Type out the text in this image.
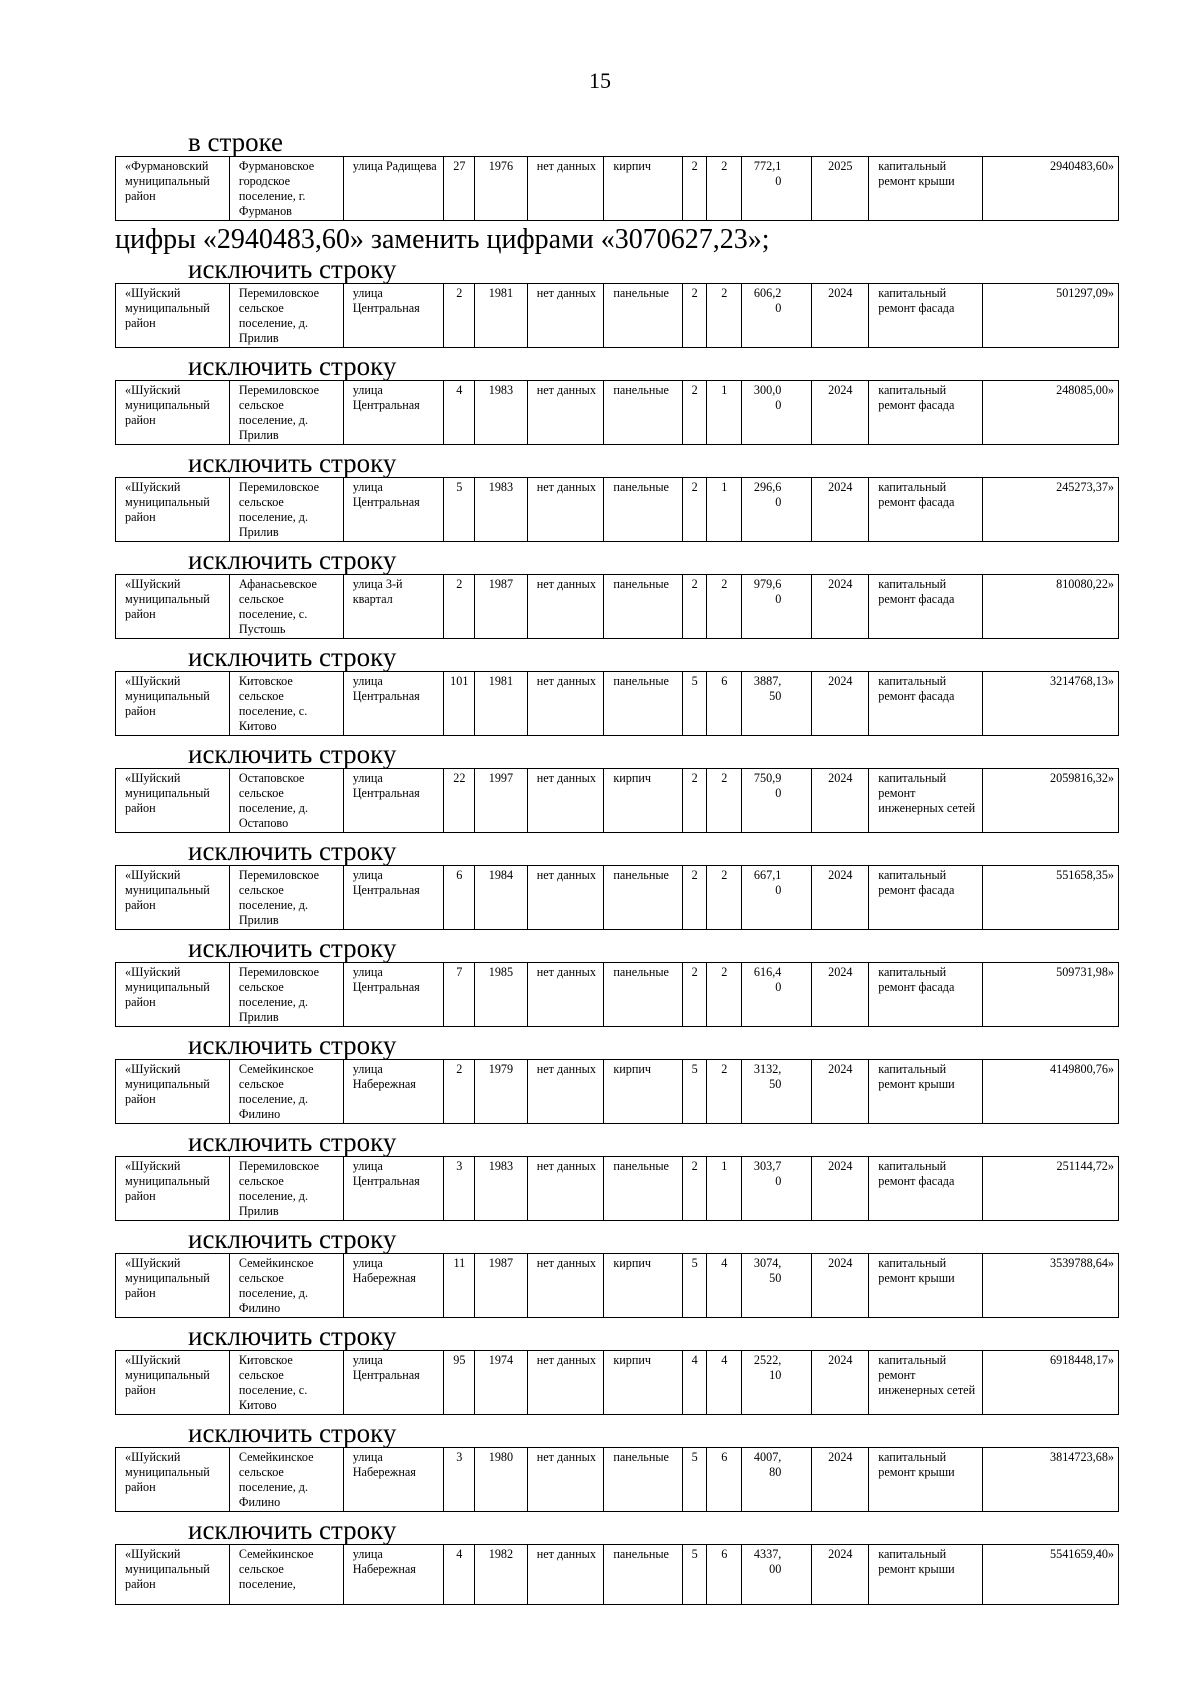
15
в строке
«Фурмановский муниципальный район	Фурмановское городское поселение, г. Фурманов	улица Радищева	27	1976	нет данных	кирпич	2	2	772,10	2025	капитальный ремонт крыши	2940483,60»
цифры «2940483,60» заменить цифрами «3070627,23»;
исключить строку
«Шуйский муниципальный район	Перемиловское сельское поселение, д. Прилив	улица Центральная	2	1981	нет данных	панельные	2	2	606,20	2024	капитальный ремонт фасада	501297,09»
исключить строку
«Шуйский муниципальный район	Перемиловское сельское поселение, д. Прилив	улица Центральная	4	1983	нет данных	панельные	2	1	300,00	2024	капитальный ремонт фасада	248085,00»
исключить строку
«Шуйский муниципальный район	Перемиловское сельское поселение, д. Прилив	улица Центральная	5	1983	нет данных	панельные	2	1	296,60	2024	капитальный ремонт фасада	245273,37»
исключить строку
«Шуйский муниципальный район	Афанасьевское сельское поселение, с. Пустошь	улица 3-й квартал	2	1987	нет данных	панельные	2	2	979,60	2024	капитальный ремонт фасада	810080,22»
исключить строку
«Шуйский муниципальный район	Китовское сельское поселение, с. Китово	улица Центральная	101	1981	нет данных	панельные	5	6	3887,50	2024	капитальный ремонт фасада	3214768,13»
исключить строку
«Шуйский муниципальный район	Остаповское сельское поселение, д. Остапово	улица Центральная	22	1997	нет данных	кирпич	2	2	750,90	2024	капитальный ремонт инженерных сетей	2059816,32»
исключить строку
«Шуйский муниципальный район	Перемиловское сельское поселение, д. Прилив	улица Центральная	6	1984	нет данных	панельные	2	2	667,10	2024	капитальный ремонт фасада	551658,35»
исключить строку
«Шуйский муниципальный район	Перемиловское сельское поселение, д. Прилив	улица Центральная	7	1985	нет данных	панельные	2	2	616,40	2024	капитальный ремонт фасада	509731,98»
исключить строку
«Шуйский муниципальный район	Семейкинское сельское поселение, д. Филино	улица Набережная	2	1979	нет данных	кирпич	5	2	3132,50	2024	капитальный ремонт крыши	4149800,76»
исключить строку
«Шуйский муниципальный район	Перемиловское сельское поселение, д. Прилив	улица Центральная	3	1983	нет данных	панельные	2	1	303,70	2024	капитальный ремонт фасада	251144,72»
исключить строку
«Шуйский муниципальный район	Семейкинское сельское поселение, д. Филино	улица Набережная	11	1987	нет данных	кирпич	5	4	3074,50	2024	капитальный ремонт крыши	3539788,64»
исключить строку
«Шуйский муниципальный район	Китовское сельское поселение, с. Китово	улица Центральная	95	1974	нет данных	кирпич	4	4	2522,10	2024	капитальный ремонт инженерных сетей	6918448,17»
исключить строку
«Шуйский муниципальный район	Семейкинское сельское поселение, д. Филино	улица Набережная	3	1980	нет данных	панельные	5	6	4007,80	2024	капитальный ремонт крыши	3814723,68»
исключить строку
«Шуйский муниципальный район	Семейкинское сельское поселение,	улица Набережная	4	1982	нет данных	панельные	5	6	4337,00	2024	капитальный ремонт крыши	5541659,40»
